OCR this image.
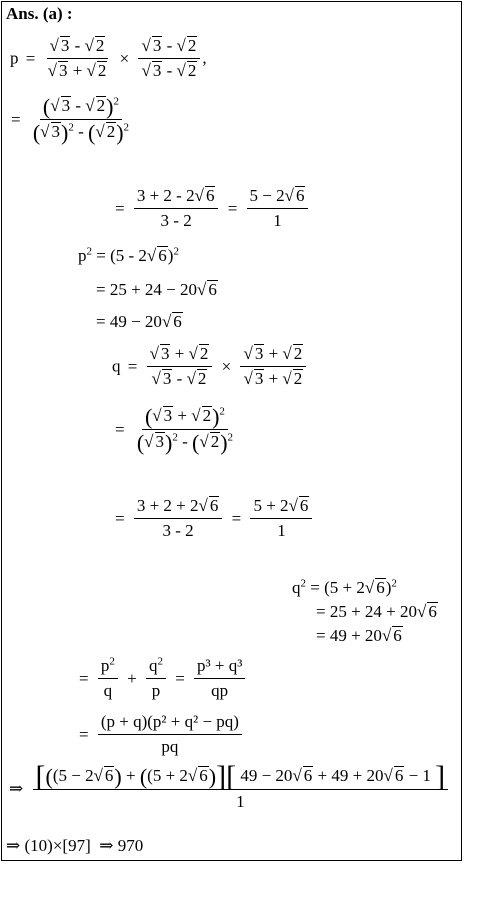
Ans. (a) :
$p = \frac{√ 3 - √ 2}{√ 3 + √ 2} \times \frac{√ 3 - √ 2}{√ 3 - √ 2}$ ,
= $\frac{(√ 3 - √ 2)^2}{(√ 3)^2 - (√ 2)^2}$
= $\frac{3 + 2 - 2√ 6}{3 - 2} = \frac{5 - 2√ 6}{1}$
$p^2 = (5 - 2√$ 6)$^2$
= 25 + 24 − 20√ 6
= 49 − 20√ 6
$q = \frac{√ 3 + √ 2}{√ 3 - √ 2} \times \frac{√ 3 + √ 2}{√ 3 + √ 2}$
= $\frac{(√ 3 + √ 2)^2}{(√ 3)^2 - (√ 2)^2}$
= $\frac{3 + 2 + 2√ 6}{3 - 2} = \frac{5 + 2√ 6}{1}$
$q^2 = (5 + 2√$ 6)$^2$
= 25 + 24 + 20√ 6
= 49 + 20√ 6
= $\frac{p^2}{q} + \frac{q^2}{p} = \frac{\text{p³ + q³}}{qp}$
= $\frac{\text{(p + q)(p² + q² − pq)}}{pq}$
⇒ $\frac{[((5 - 2√ 6) + ((5 + 2√ 6)][ 49 - 20√ 6 + 49 + 20√ 6 - 1 ]}{1}$
⇒ (10)×[97] ⇒ 970
